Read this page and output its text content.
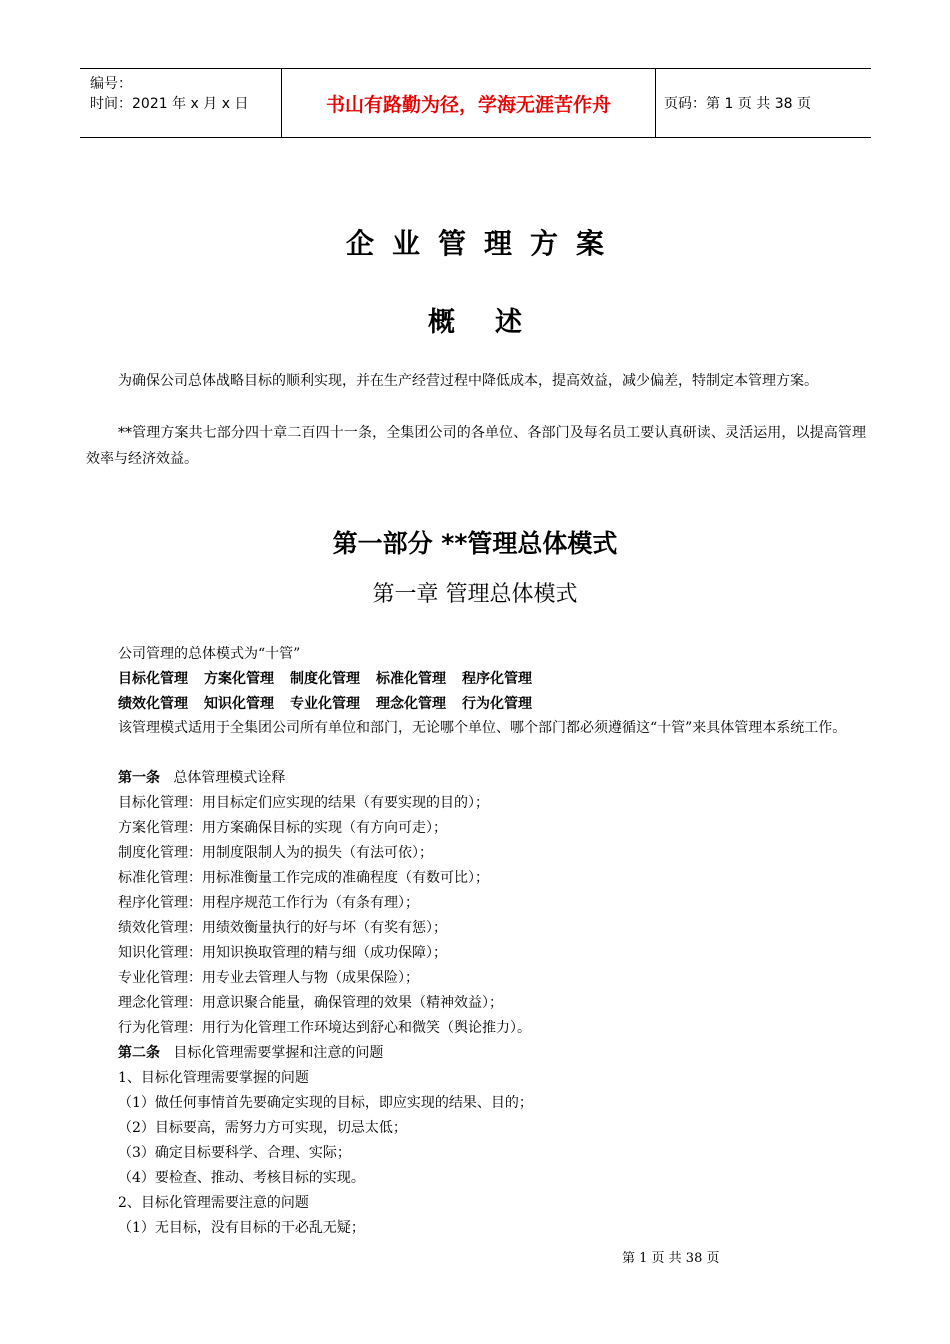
编号：
时间：2021 年 x 月 x 日	书山有路勤为径，学海无涯苦作舟	页码：第 1 页 共 38 页
企业管理方案
概述
为确保公司总体战略目标的顺利实现，并在生产经营过程中降低成本，提高效益，减少偏差，特制定本管理方案。
**管理方案共七部分四十章二百四十一条，全集团公司的各单位、各部门及每名员工要认真研读、灵活运用，以提高管理效率与经济效益。
第一部分 **管理总体模式
第一章 管理总体模式
公司管理的总体模式为“十管”
目标化管理 方案化管理 制度化管理 标准化管理 程序化管理
绩效化管理 知识化管理 专业化管理 理念化管理 行为化管理
该管理模式适用于全集团公司所有单位和部门，无论哪个单位、哪个部门都必须遵循这“十管”来具体管理本系统工作。
第一条 总体管理模式诠释
目标化管理：用目标定们应实现的结果（有要实现的目的）；
方案化管理：用方案确保目标的实现（有方向可走）；
制度化管理：用制度限制人为的损失（有法可依）；
标准化管理：用标准衡量工作完成的准确程度（有数可比）；
程序化管理：用程序规范工作行为（有条有理）；
绩效化管理：用绩效衡量执行的好与坏（有奖有惩）；
知识化管理：用知识换取管理的精与细（成功保障）；
专业化管理：用专业去管理人与物（成果保险）；
理念化管理：用意识聚合能量，确保管理的效果（精神效益）；
行为化管理：用行为化管理工作环境达到舒心和微笑（舆论推力）。
第二条 目标化管理需要掌握和注意的问题
1、目标化管理需要掌握的问题
（1）做任何事情首先要确定实现的目标，即应实现的结果、目的；
（2）目标要高，需努力方可实现，切忌太低；
（3）确定目标要科学、合理、实际；
（4）要检查、推动、考核目标的实现。
2、目标化管理需要注意的问题
（1）无目标，没有目标的干必乱无疑；
第 1 页 共 38 页
